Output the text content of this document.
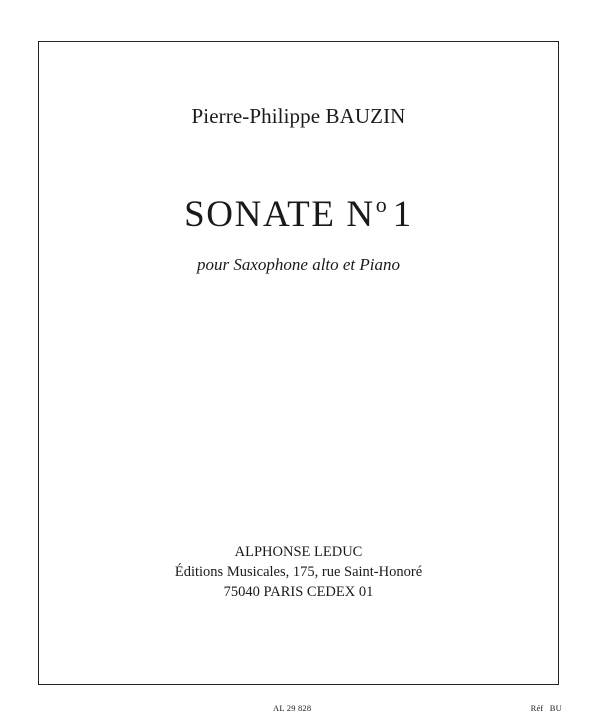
Pierre-Philippe BAUZIN
SONATE $N^o$ 1
pour Saxophone alto et Piano
ALPHONSE LEDUC
Éditions Musicales, 175, rue Saint-Honoré
75040 PARIS CEDEX 01
AL 29 828	Réf BU
